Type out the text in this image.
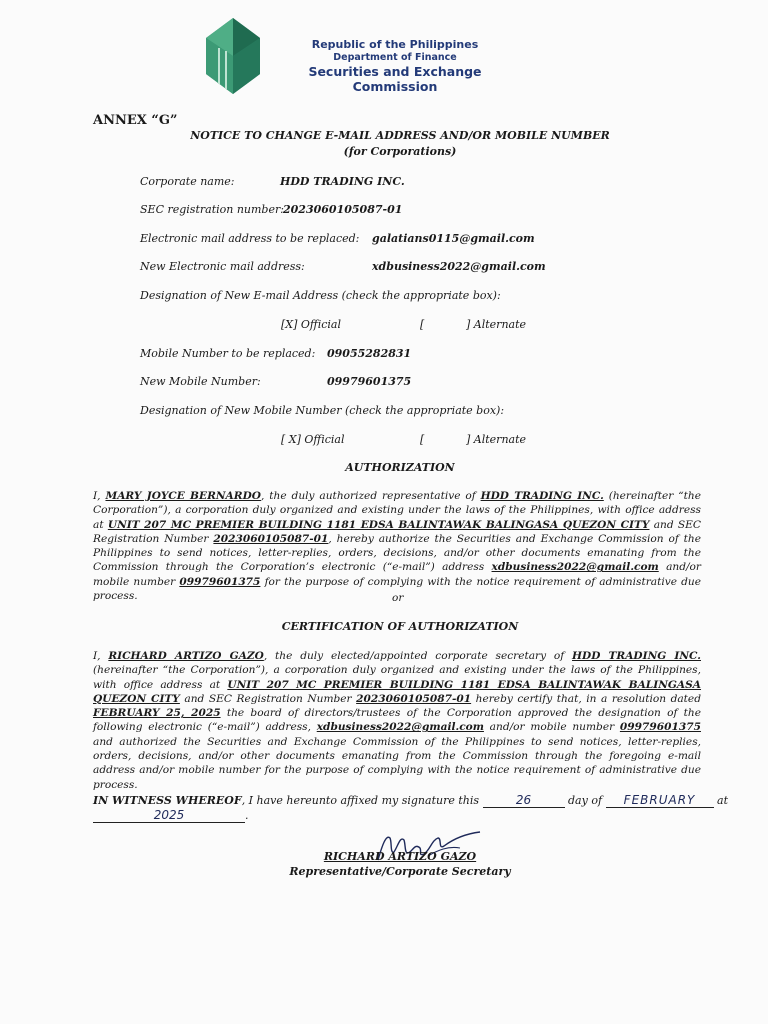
Republic of the Philippines
Department of Finance
Securities and Exchange Commission
ANNEX “G”
NOTICE TO CHANGE E-MAIL ADDRESS AND/OR MOBILE NUMBER
(for Corporations)
Corporate name:	HDD TRADING INC.
SEC registration number: 2023060105087-01
Electronic mail address to be replaced: galatians0115@gmail.com
New Electronic mail address:	xdbusiness2022@gmail.com
Designation of New E-mail Address (check the appropriate box):
[X] Official	[	] Alternate
Mobile Number to be replaced: 09055282831
New Mobile Number:	09979601375
Designation of New Mobile Number (check the appropriate box):
[ X] Official	[	] Alternate
AUTHORIZATION
I, MARY JOYCE BERNARDO, the duly authorized representative of HDD TRADING INC. (hereinafter “the Corporation”), a corporation duly organized and existing under the laws of the Philippines, with office address at UNIT 207 MC PREMIER BUILDING 1181 EDSA BALINTAWAK BALINGASA QUEZON CITY and SEC Registration Number 2023060105087-01, hereby authorize the Securities and Exchange Commission of the Philippines to send notices, letter-replies, orders, decisions, and/or other documents emanating from the Commission through the Corporation’s electronic (“e-mail”) address xdbusiness2022@gmail.com and/or mobile number 09979601375 for the purpose of complying with the notice requirement of administrative due process.	or
CERTIFICATION OF AUTHORIZATION
I, RICHARD ARTIZO GAZO, the duly elected/appointed corporate secretary of HDD TRADING INC. (hereinafter “the Corporation”), a corporation duly organized and existing under the laws of the Philippines, with office address at UNIT 207 MC PREMIER BUILDING 1181 EDSA BALINTAWAK BALINGASA QUEZON CITY and SEC Registration Number 2023060105087-01 hereby certify that, in a resolution dated FEBRUARY 25, 2025 the board of directors/trustees of the Corporation approved the designation of the following electronic (“e-mail”) address, xdbusiness2022@gmail.com and/or mobile number 09979601375 and authorized the Securities and Exchange Commission of the Philippines to send notices, letter-replies, orders, decisions, and/or other documents emanating from the Commission through the foregoing e-mail address and/or mobile number for the purpose of complying with the notice requirement of administrative due process.
IN WITNESS WHEREOF, I have hereunto affixed my signature this	26	day of FEBRUARY at
2025	.
RICHARD ARTIZO GAZO
Representative/Corporate Secretary
